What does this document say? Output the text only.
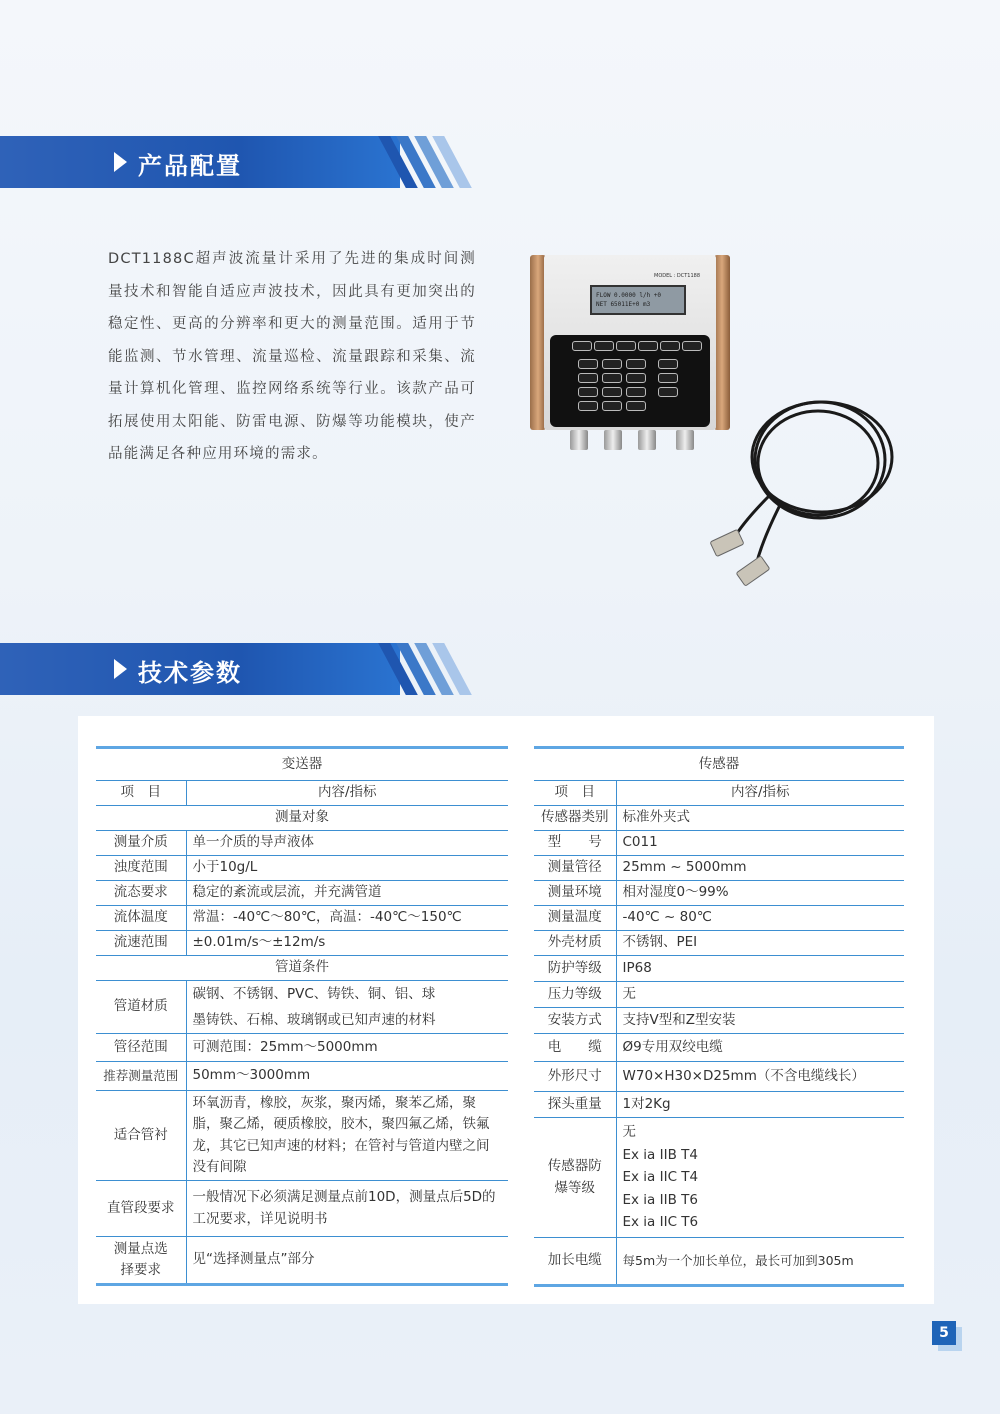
产品配置

DCT1188C超声波流量计采用了先进的集成时间测量技术和智能自适应声波技术，因此具有更加突出的稳定性、更高的分辨率和更大的测量范围。适用于节能监测、节水管理、流量巡检、流量跟踪和采集、流量计算机化管理、监控网络系统等行业。该款产品可拓展使用太阳能、防雷电源、防爆等功能模块，使产品能满足各种应用环境的需求。

MODEL : DCT1188
FLOW 0.0000 l/h +0
NET 65011E+0 m3
技术参数
变送器	
项　目	内容/指标
测量对象	
测量介质	单一介质的导声液体
浊度范围	小于10g/L
流态要求	稳定的紊流或层流，并充满管道
流体温度	常温：-40℃～80℃，高温：-40℃～150℃
流速范围	±0.01m/s～±12m/s
管道条件	
管道材质	碳钢、不锈钢、PVC、铸铁、铜、铝、球
墨铸铁、石棉、玻璃钢或已知声速的材料

管径范围	可测范围：25mm～5000mm
推荐测量范围	50mm～3000mm
适合管衬	环氧沥青，橡胶，灰浆，聚丙烯，聚苯乙烯，聚脂，聚乙烯，硬质橡胶，胶木，聚四氟乙烯，铁氟龙，其它已知声速的材料；在管衬与管道内壁之间没有间隙
直管段要求	一般情况下必须满足测量点前10D，测量点后5D的工况要求，详见说明书
测量点选择要求	见“选择测量点”部分
传感器	
项　目	内容/指标
传感器类别	标准外夹式
型　　号	C011
测量管径	25mm ~ 5000mm
测量环境	相对湿度0～99%
测量温度	-40℃ ~ 80℃
外壳材质	不锈钢、PEI
防护等级	IP68
压力等级	无
安装方式	支持V型和Z型安装
电　　缆	Ø9专用双绞电缆
外形尺寸	W70×H30×D25mm（不含电缆线长）
探头重量	1对2Kg
传感器防爆等级	无
Ex ia IIB T4
Ex ia IIC T4
Ex ia IIB T6
Ex ia IIC T6

加长电缆	每5m为一个加长单位，最长可加到305m
5
